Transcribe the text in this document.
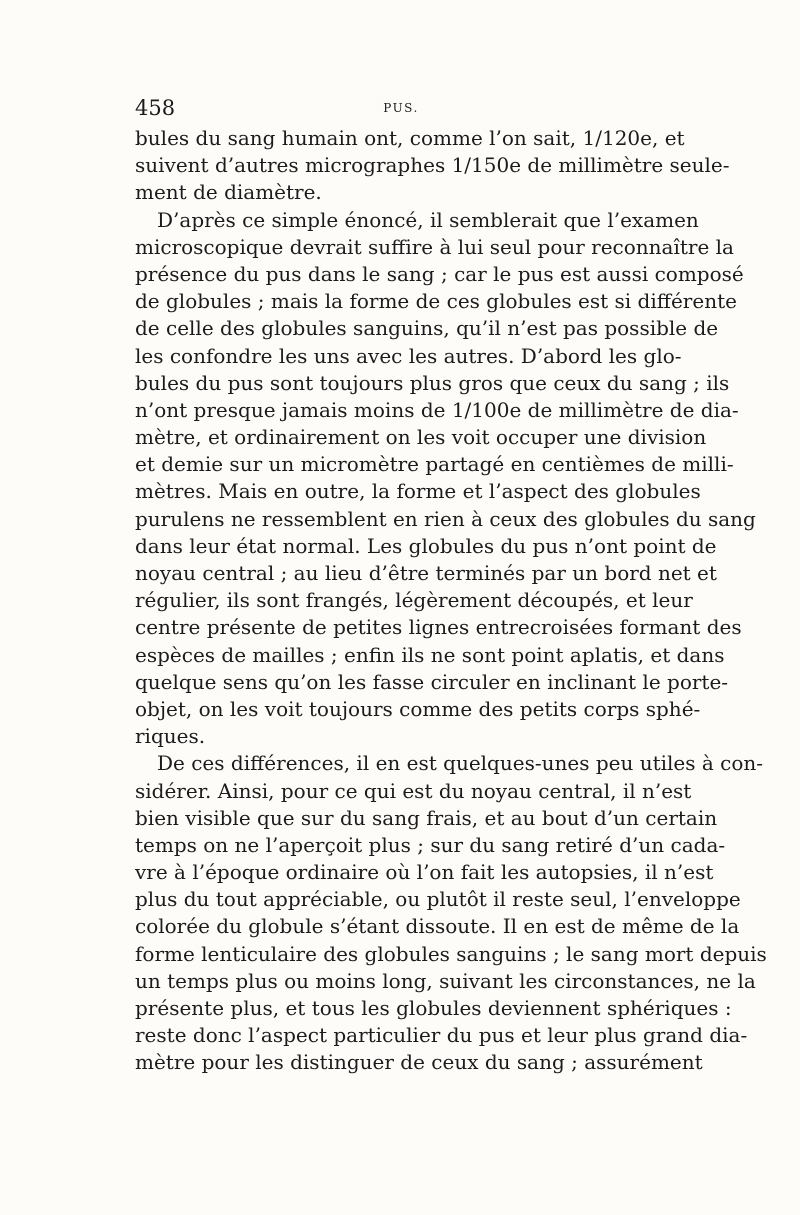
458	PUS.
bules du sang humain ont, comme l’on sait, 1/120e, et
suivent d’autres micrographes 1/150e de millimètre seule-
ment de diamètre.
D’après ce simple énoncé, il semblerait que l’examen
microscopique devrait suffire à lui seul pour reconnaître la
présence du pus dans le sang ; car le pus est aussi composé
de globules ; mais la forme de ces globules est si différente
de celle des globules sanguins, qu’il n’est pas possible de
les confondre les uns avec les autres. D’abord les glo-
bules du pus sont toujours plus gros que ceux du sang ; ils
n’ont presque jamais moins de 1/100e de millimètre de dia-
mètre, et ordinairement on les voit occuper une division
et demie sur un micromètre partagé en centièmes de milli-
mètres. Mais en outre, la forme et l’aspect des globules
purulens ne ressemblent en rien à ceux des globules du sang
dans leur état normal. Les globules du pus n’ont point de
noyau central ; au lieu d’être terminés par un bord net et
régulier, ils sont frangés, légèrement découpés, et leur
centre présente de petites lignes entrecroisées formant des
espèces de mailles ; enfin ils ne sont point aplatis, et dans
quelque sens qu’on les fasse circuler en inclinant le porte-
objet, on les voit toujours comme des petits corps sphé-
riques.
De ces différences, il en est quelques-unes peu utiles à con-
sidérer. Ainsi, pour ce qui est du noyau central, il n’est
bien visible que sur du sang frais, et au bout d’un certain
temps on ne l’aperçoit plus ; sur du sang retiré d’un cada-
vre à l’époque ordinaire où l’on fait les autopsies, il n’est
plus du tout appréciable, ou plutôt il reste seul, l’enveloppe
colorée du globule s’étant dissoute. Il en est de même de la
forme lenticulaire des globules sanguins ; le sang mort depuis
un temps plus ou moins long, suivant les circonstances, ne la
présente plus, et tous les globules deviennent sphériques :
reste donc l’aspect particulier du pus et leur plus grand dia-
mètre pour les distinguer de ceux du sang ; assurément
